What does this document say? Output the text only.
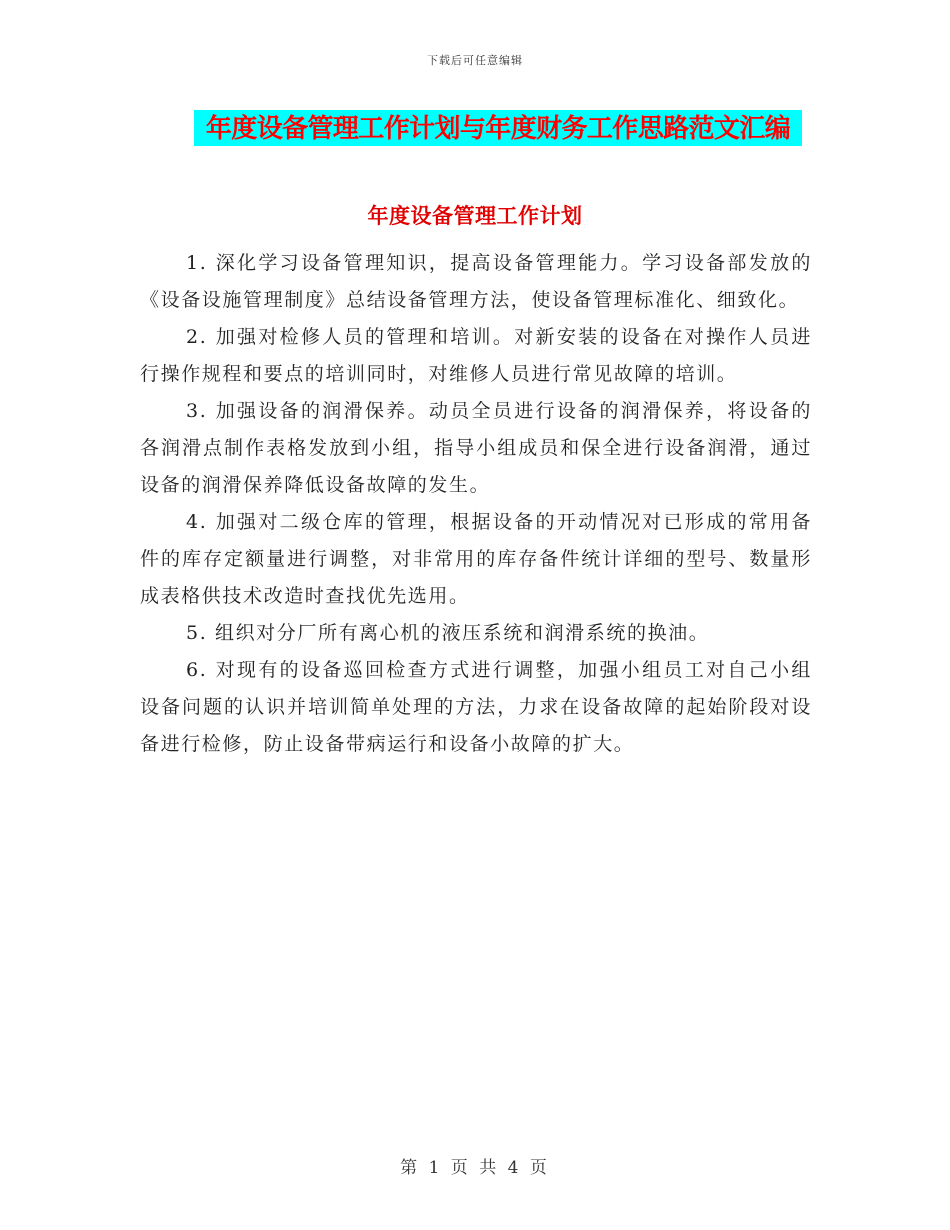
下载后可任意编辑
年度设备管理工作计划与年度财务工作思路范文汇编
年度设备管理工作计划

1. 深化学习设备管理知识，提高设备管理能力。学习设备部发放的《设备设施管理制度》总结设备管理方法，使设备管理标准化、细致化。

2. 加强对检修人员的管理和培训。对新安装的设备在对操作人员进行操作规程和要点的培训同时，对维修人员进行常见故障的培训。

3. 加强设备的润滑保养。动员全员进行设备的润滑保养，将设备的各润滑点制作表格发放到小组，指导小组成员和保全进行设备润滑，通过设备的润滑保养降低设备故障的发生。

4. 加强对二级仓库的管理，根据设备的开动情况对已形成的常用备件的库存定额量进行调整，对非常用的库存备件统计详细的型号、数量形成表格供技术改造时查找优先选用。

5. 组织对分厂所有离心机的液压系统和润滑系统的换油。

6. 对现有的设备巡回检查方式进行调整，加强小组员工对自己小组设备问题的认识并培训简单处理的方法，力求在设备故障的起始阶段对设备进行检修，防止设备带病运行和设备小故障的扩大。

第 1 页 共 4 页
